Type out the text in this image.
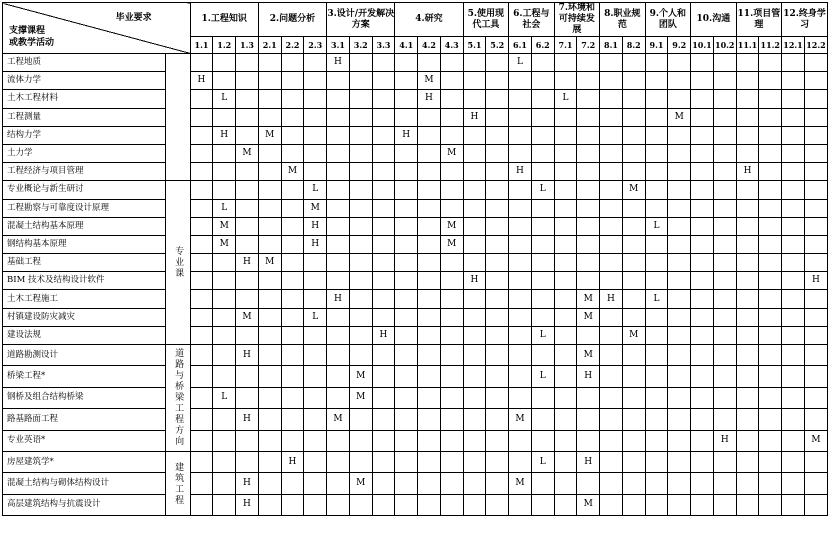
毕业要求
支撑课程
或教学活动		1.工程知识			2.问题分析			3.设计/开发解决方案			4.研究			5.使用现代工具		6.工程与社会		7.环境和可持续发展		8.职业规范		9.个人和团队		10.沟通		11.项目管理		12.终身学习	
		1.1	1.2	1.3	2.1	2.2	2.3	3.1	3.2	3.3	4.1	4.2	4.3	5.1	5.2	6.1	6.2	7.1	7.2	8.1	8.2	9.1	9.2	10.1	10.2	11.1	11.2	12.1	12.2
工程地质								H								L													
流体力学		H										M																	
土木工程材料			L									H						L											
工程测量														H									M						
结构力学			H		M						H																		
土力学				M									M																
工程经济与项目管理						M										H										H			
专业概论与新生研讨	专业课						L										L				M								
工程勘察与可靠度设计原理			L				M																						
混凝土结构基本原理			M				H						M									L							
钢结构基本原理			M				H						M																
基础工程				H	M																								
BIM 技术及结构设计软件														H															H
土木工程施工								H											M	H		L							
村镇建设防灾减灾				M			L												M										
建设法规										H							L				M								
道路勘测设计	道路与桥梁工程方向			H															M										
桥梁工程*									M								L		H										
钢桥及组合结构桥梁			L						M																				
路基路面工程				H				M								M													
专业英语*																									H				M
房屋建筑学*	建筑工程					H											L		H										
混凝土结构与砌体结构设计				H					M							M													
高层建筑结构与抗震设计				H															M										
